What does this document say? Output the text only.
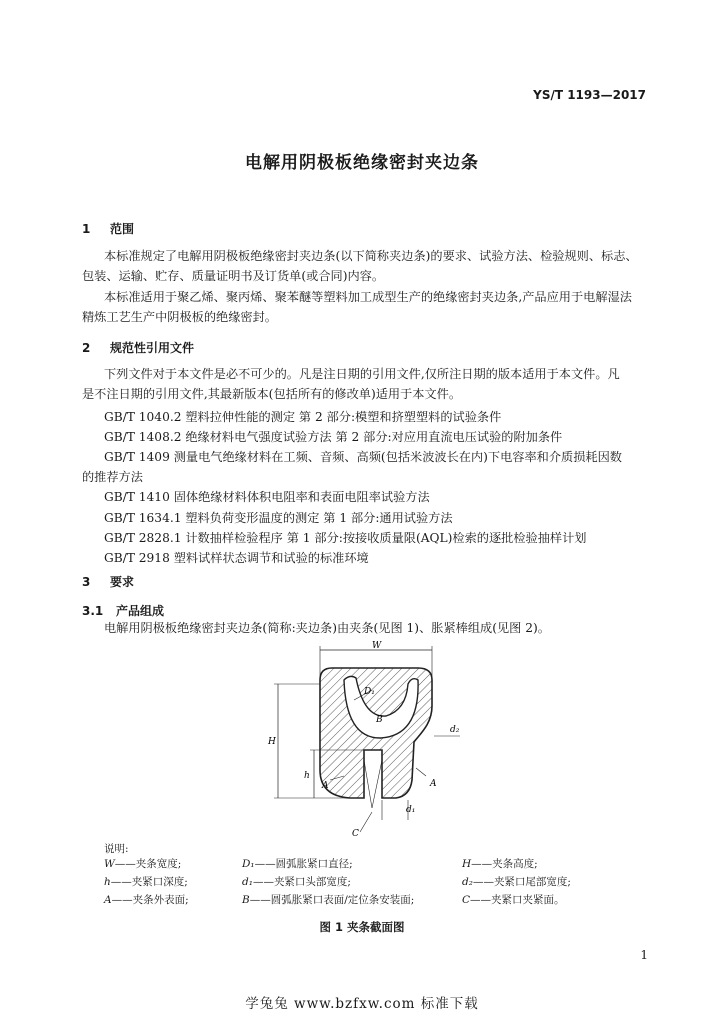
YS/T 1193—2017
电解用阴极板绝缘密封夹边条
1 范围
本标准规定了电解用阴极板绝缘密封夹边条(以下简称夹边条)的要求、试验方法、检验规则、标志、
包装、运输、贮存、质量证明书及订货单(或合同)内容。
本标准适用于聚乙烯、聚丙烯、聚苯醚等塑料加工成型生产的绝缘密封夹边条,产品应用于电解湿法
精炼工艺生产中阴极板的绝缘密封。
2 规范性引用文件
下列文件对于本文件是必不可少的。凡是注日期的引用文件,仅所注日期的版本适用于本文件。凡
是不注日期的引用文件,其最新版本(包括所有的修改单)适用于本文件。
GB/T 1040.2 塑料拉伸性能的测定 第 2 部分:模塑和挤塑塑料的试验条件
GB/T 1408.2 绝缘材料电气强度试验方法 第 2 部分:对应用直流电压试验的附加条件
GB/T 1409 测量电气绝缘材料在工频、音频、高频(包括米波波长在内)下电容率和介质损耗因数
的推荐方法
GB/T 1410 固体绝缘材料体积电阻率和表面电阻率试验方法
GB/T 1634.1 塑料负荷变形温度的测定 第 1 部分:通用试验方法
GB/T 2828.1 计数抽样检验程序 第 1 部分:按接收质量限(AQL)检索的逐批检验抽样计划
GB/T 2918 塑料试样状态调节和试验的标准环境
3 要求
3.1 产品组成
电解用阴极板绝缘密封夹边条(简称:夹边条)由夹条(见图 1)、胀紧棒组成(见图 2)。
W
D₁
B
d₂
H
h
A	A
d₁
C
说明:
W——夹条宽度;	D₁——圆弧胀紧口直径;	H——夹条高度;
h——夹紧口深度;	d₁——夹紧口头部宽度;	d₂——夹紧口尾部宽度;
A——夹条外表面;	B——圆弧胀紧口表面/定位条安装面;	C——夹紧口夹紧面。
图 1 夹条截面图
1
学兔兔 www.bzfxw.com 标准下载
